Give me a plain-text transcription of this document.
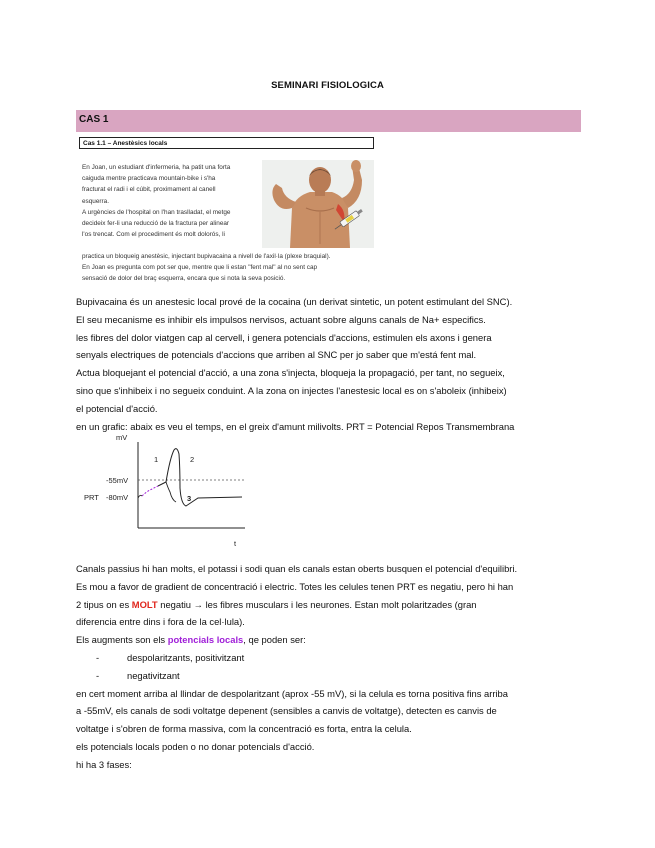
SEMINARI FISIOLOGICA
CAS 1
Cas 1.1 – Anestèsics locals
En Joan, un estudiant d'infermeria, ha patit una forta
caiguda mentre practicava mountain-bike i s'ha
fracturat el radi i el cúbit, proximament al canell
esquerra.
A urgències de l'hospital on l'han traslladat, el metge
decideix fer-li una reducció de la fractura per alinear
l'os trencat. Com el procediment és molt dolorós, li
practica un bloqueig anestèsic, injectant bupivacaina a nivell de l'axil·la (plexe braquial).
En Joan es pregunta com pot ser que, mentre que li estan "fent mal" al no sent cap
sensació de dolor del braç esquerra, encara que si nota la seva posició.

Bupivacaina és un anestesic local prové de la cocaina (un derivat sintetic, un potent estimulant del SNC).

El seu mecanisme es inhibir els impulsos nervisos, actuant sobre alguns canals de Na+ especifics.

les fibres del dolor viatgen cap al cervell, i genera potencials d'accions, estimulen els axons i genera

senyals electriques de potencials d'accions que arriben al SNC per jo saber que m'está fent mal.

Actua bloquejant el potencial d'acció, a una zona s'injecta, bloqueja la propagació, per tant, no segueix,

sino que s'inhibeix i no segueix conduint. A la zona on injectes l'anestesic local es on s'aboleix (inhibeix)

el potencial d'acció.

en un grafic: abaix es veu el temps, en el greix d'amunt milivolts. PRT = Potencial Repos Transmembrana

mV
t
-55mV
PRT -80mV
1	2
3

Canals passius hi han molts, el potassi i sodi quan els canals estan oberts busquen el potencial d'equilibri.

Es mou a favor de gradient de concentració i electric. Totes les celules tenen PRT es negatiu, pero hi han

2 tipus on es MOLT negatiu → les fibres musculars i les neurones. Estan molt polaritzades (gran

diferencia entre dins i fora de la cel·lula).

Els augments son els potencials locals, qe poden ser:

-	despolaritzants, positivitzant

-	negativitzant

en cert moment arriba al llindar de despolaritzant (aprox -55 mV), si la celula es torna positiva fins arriba

a -55mV, els canals de sodi voltatge depenent (sensibles a canvis de voltatge), detecten es canvis de

voltatge i s'obren de forma massiva, com la concentració es forta, entra la celula.

els potencials locals poden o no donar potencials d'acció.

hi ha 3 fases:
